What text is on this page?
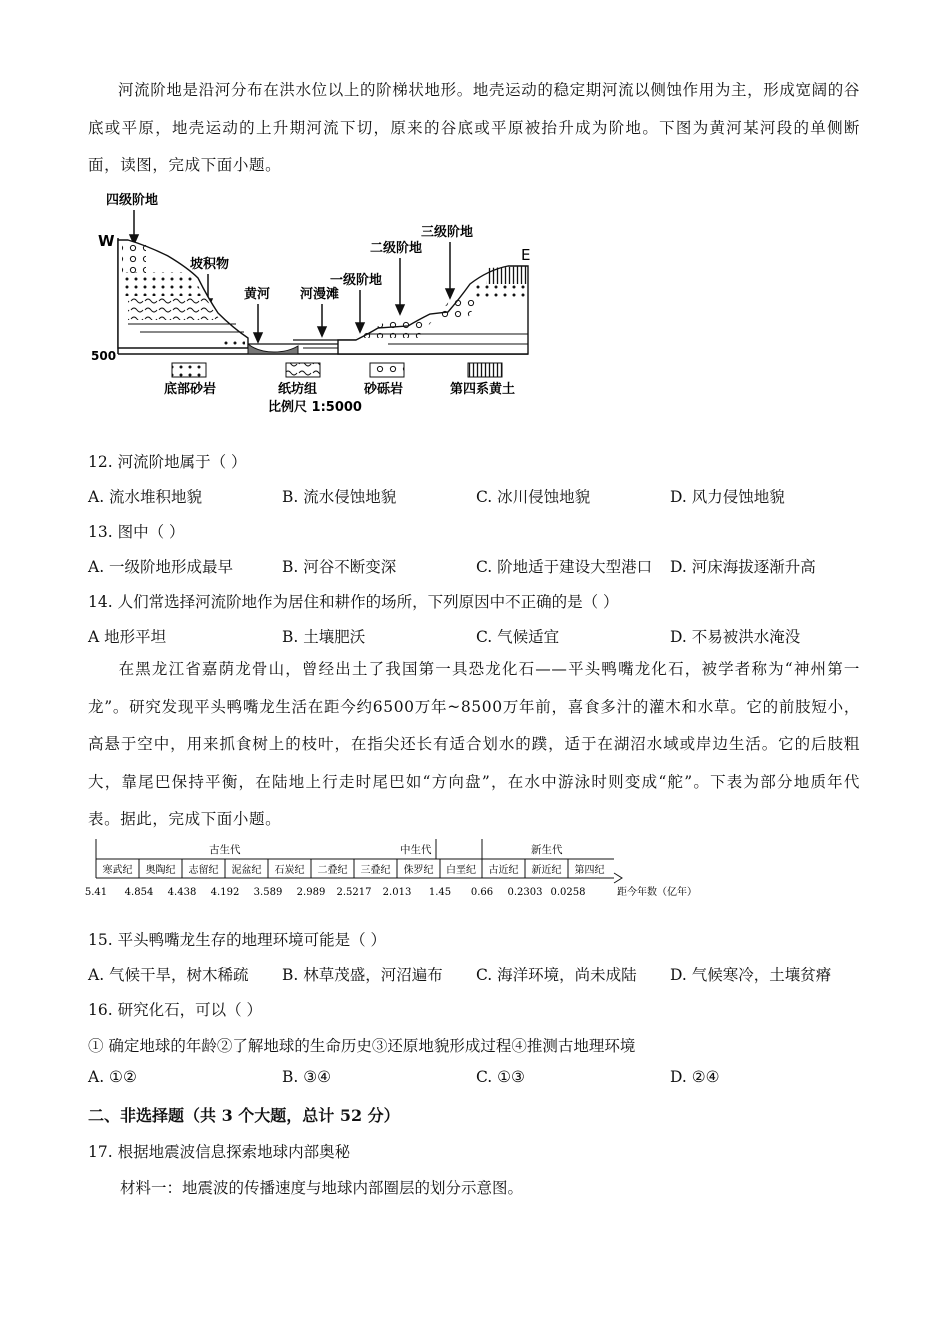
河流阶地是沿河分布在洪水位以上的阶梯状地形。地壳运动的稳定期河流以侧蚀作用为主，形成宽阔的谷底或平原，地壳运动的上升期河流下切，原来的谷底或平原被抬升成为阶地。下图为黄河某河段的单侧断面，读图，完成下面小题。
W
E
500
四级阶地
坡积物
黄河 河漫滩
一级阶地
二级阶地
三级阶地
底部砂岩	纸坊组	砂砾岩	第四系黄土
比例尺 1:5000
12. 河流阶地属于（ ）
A. 流水堆积地貌	B. 流水侵蚀地貌	C. 冰川侵蚀地貌	D. 风力侵蚀地貌
13. 图中（ ）
A. 一级阶地形成最早	B. 河谷不断变深	C. 阶地适于建设大型港口 D. 河床海拔逐渐升高
14. 人们常选择河流阶地作为居住和耕作的场所，下列原因中不正确的是（ ）
A 地形平坦	B. 土壤肥沃	C. 气候适宜	D. 不易被洪水淹没
在黑龙江省嘉荫龙骨山，曾经出土了我国第一具恐龙化石——平头鸭嘴龙化石，被学者称为“神州第一龙”。研究发现平头鸭嘴龙生活在距今约6500万年~8500万年前，喜食多汁的灌木和水草。它的前肢短小，高悬于空中，用来抓食树上的枝叶，在指尖还长有适合划水的蹼，适于在湖沼水域或岸边生活。它的后肢粗大，靠尾巴保持平衡，在陆地上行走时尾巴如“方向盘”，在水中游泳时则变成“舵”。下表为部分地质年代表。据此，完成下面小题。
古生代	中生代	新生代
寒武纪 奥陶纪 志留纪 泥盆纪 石炭纪 二叠纪 三叠纪 侏罗纪 白垩纪 古近纪 新近纪 第四纪
5.41 4.854 4.438 4.192 3.589 2.989 2.5217 2.013 1.45 0.66 0.2303 0.0258	距今年数（亿年）
15. 平头鸭嘴龙生存的地理环境可能是（ ）
A. 气候干旱，树木稀疏 B. 林草茂盛，河沼遍布 C. 海洋环境，尚未成陆 D. 气候寒冷，土壤贫瘠
16. 研究化石，可以（ ）
① 确定地球的年龄②了解地球的生命历史③还原地貌形成过程④推测古地理环境
A. ①②	B. ③④	C. ①③	D. ②④
二、非选择题（共 3 个大题，总计 52 分）
17. 根据地震波信息探索地球内部奥秘
材料一：地震波的传播速度与地球内部圈层的划分示意图。
